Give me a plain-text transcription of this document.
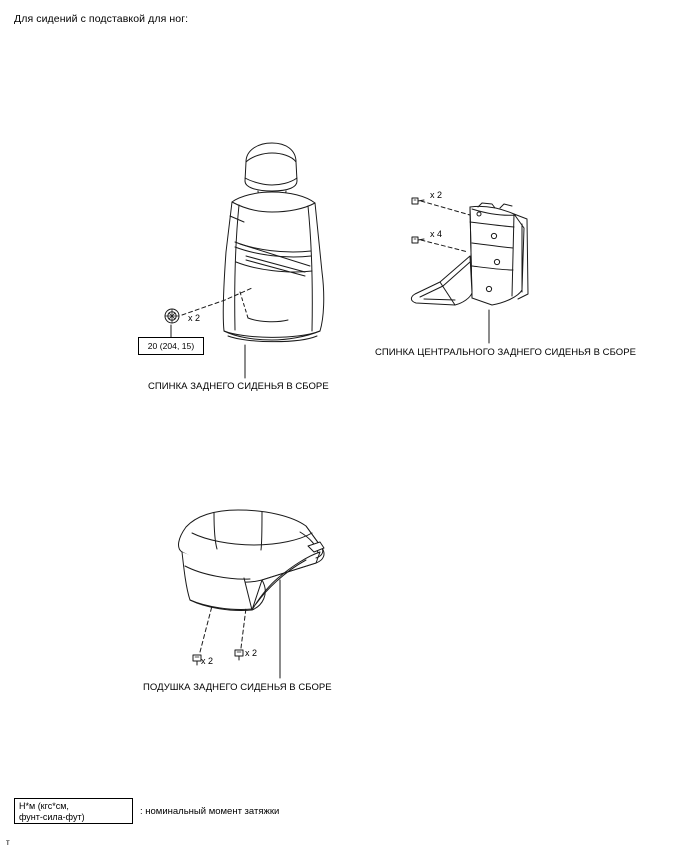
Для сидений с подставкой для ног:
x 2
20 (204, 15)
СПИНКА ЗАДНЕГО СИДЕНЬЯ В СБОРЕ
x 2
x 4
СПИНКА ЦЕНТРАЛЬНОГО ЗАДНЕГО СИДЕНЬЯ В СБОРЕ
x 2
x 2
ПОДУШКА ЗАДНЕГО СИДЕНЬЯ В СБОРЕ
Н*м (кгс*см,
фунт-сила-фут)	: номинальный момент затяжки
т
